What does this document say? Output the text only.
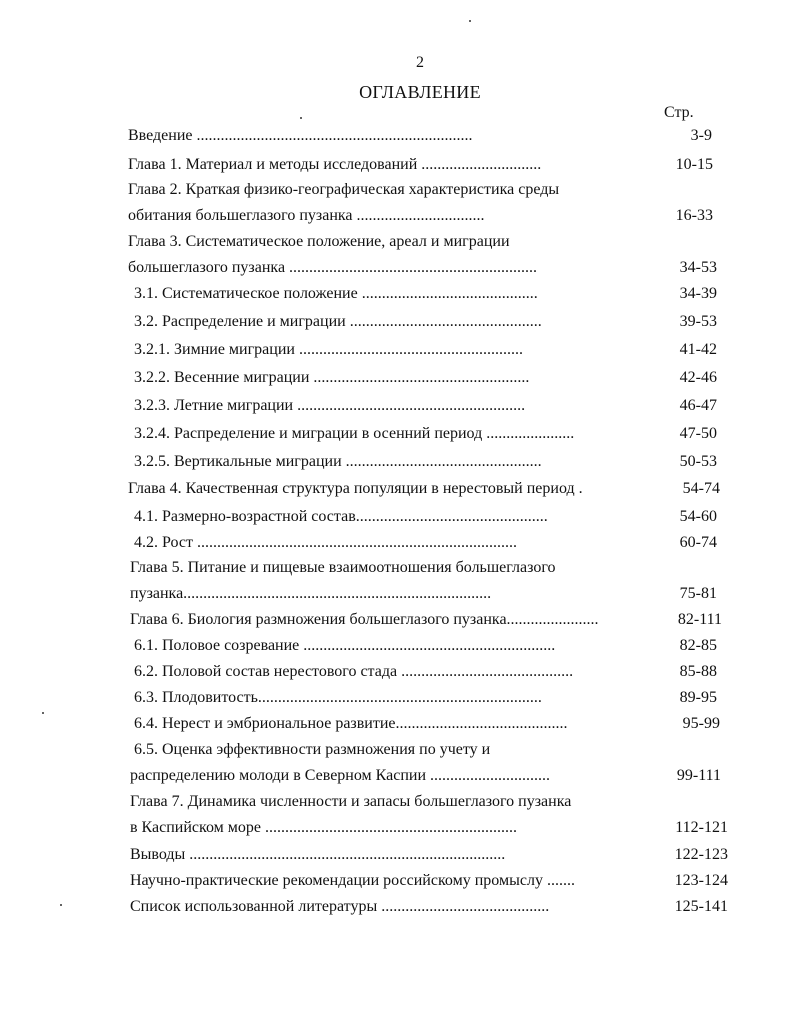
2
ОГЛАВЛЕНИЕ
Стр.
Введение .....................................................................	3-9
Глава 1. Материал и методы исследований ..............................	10-15
Глава 2. Краткая физико-географическая характеристика среды
обитания большеглазого пузанка ................................	16-33
Глава 3. Систематическое положение, ареал и миграции
большеглазого пузанка ..............................................................	34-53
3.1. Систематическое положение ............................................	34-39
3.2. Распределение и миграции ................................................	39-53
3.2.1. Зимние миграции ........................................................	41-42
3.2.2. Весенние миграции ......................................................	42-46
3.2.3. Летние миграции .........................................................	46-47
3.2.4. Распределение и миграции в осенний период ......................	47-50
3.2.5. Вертикальные миграции .................................................	50-53
Глава 4. Качественная структура популяции в нерестовый период .	54-74
4.1. Размерно-возрастной состав................................................	54-60
4.2. Рост ................................................................................	60-74
Глава 5. Питание и пищевые взаимоотношения большеглазого
пузанка.............................................................................	75-81
Глава 6. Биология размножения большеглазого пузанка.......................	82-111
6.1. Половое созревание ...............................................................	82-85
6.2. Половой состав нерестового стада ...........................................	85-88
6.3. Плодовитость.......................................................................	89-95
6.4. Нерест и эмбриональное развитие...........................................	95-99
6.5. Оценка эффективности размножения по учету и
распределению молоди в Северном Каспии ..............................	99-111
Глава 7. Динамика численности и запасы большеглазого пузанка
в Каспийском море ...............................................................	112-121
Выводы ...............................................................................	122-123
Научно-практические рекомендации российскому промыслу .......	123-124
Список использованной литературы ..........................................	125-141
